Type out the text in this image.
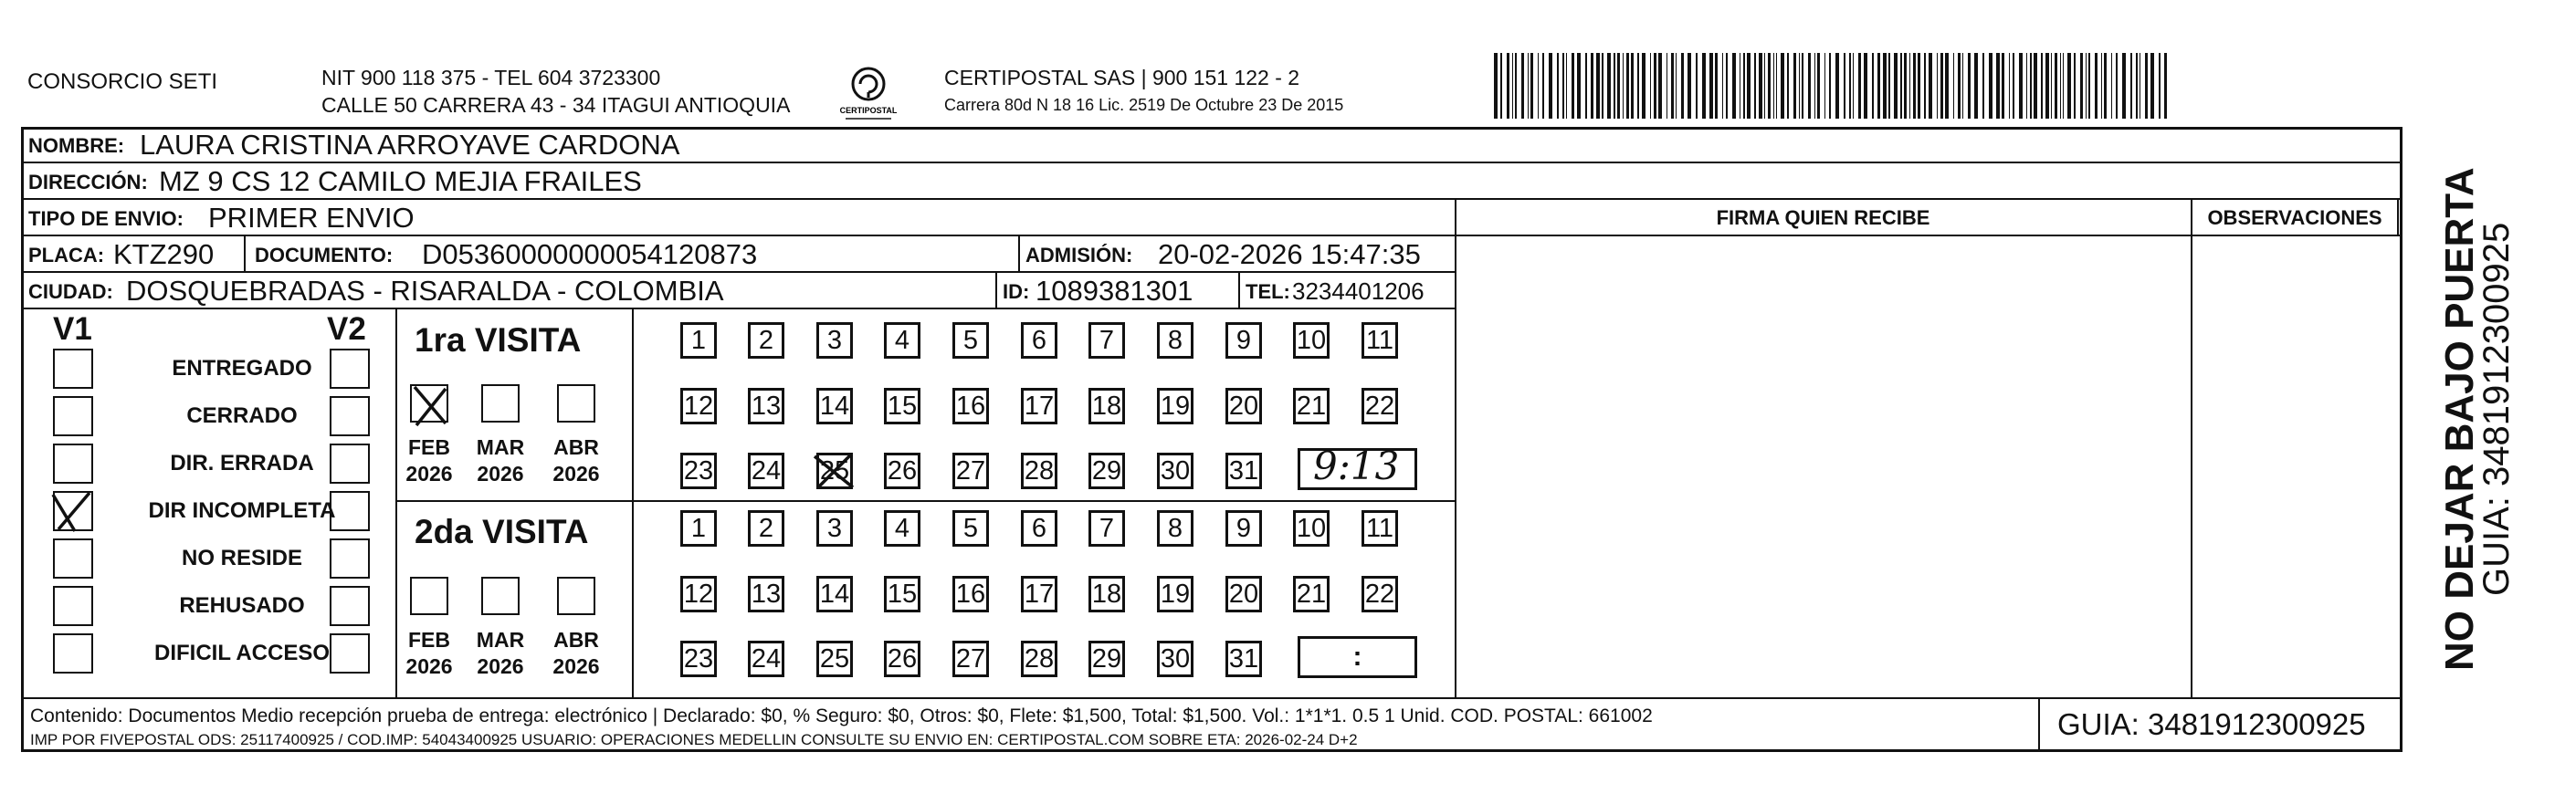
CONSORCIO SETI	NIT 900 118 375 - TEL 604 3723300
CALLE 50 CARRERA 43 - 34 ITAGUI ANTIOQUIA	CERTIPOSTAL
CERTIPOSTAL SAS | 900 151 122 - 2
Carrera 80d N 18 16 Lic. 2519 De Octubre 23 De 2015
NOMBRE: LAURA CRISTINA ARROYAVE CARDONA
DIRECCIÓN: MZ 9 CS 12 CAMILO MEJIA FRAILES
TIPO DE ENVIO: PRIMER ENVIO	FIRMA QUIEN RECIBE	OBSERVACIONES
PLACA: KTZ290 DOCUMENTO: D05360000000054120873	ADMISIÓN: 20-02-2026 15:47:35
CIUDAD: DOSQUEBRADAS - RISARALDA - COLOMBIA	ID: 1089381301	TEL: 3234401206
V1	V2
ENTREGADO
CERRADO
DIR. ERRADA
DIR INCOMPLETA
NO RESIDE
REHUSADO
DIFICIL ACCESO
1ra VISITA
2da VISITA
FEB
2026
MAR
2026
ABR
2026
FEB
2026
MAR
2026
ABR
2026
1	2	3	4	5	6	7	8	9	10 11
12 13 14 15 16 17 18 19 20 21 22
23 24 25 26 27 28 29 30 31
1	2	3	4	5	6	7	8	9	10 11
12 13 14 15 16 17 18 19 20 21 22
23 24 25 26 27 28 29 30 31
9:13
:
Contenido: Documentos Medio recepción prueba de entrega: electrónico | Declarado: $0, % Seguro: $0, Otros: $0, Flete: $1,500, Total: $1,500. Vol.: 1*1*1. 0.5 1 Unid. COD. POSTAL: 661002
IMP POR FIVEPOSTAL ODS: 25117400925 / COD.IMP: 54043400925 USUARIO: OPERACIONES MEDELLIN CONSULTE SU ENVIO EN: CERTIPOSTAL.COM SOBRE ETA: 2026-02-24 D+2	GUIA: 3481912300925
NO DEJAR BAJO PUERTA
GUIA: 3481912300925
